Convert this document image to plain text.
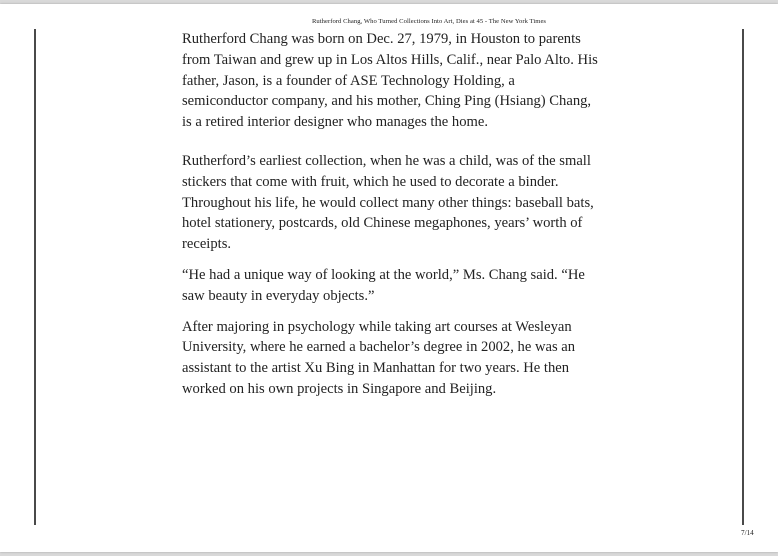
Rutherford Chang, Who Turned Collections Into Art, Dies at 45 - The New York Times

Rutherford Chang was born on Dec. 27, 1979, in Houston to parents from Taiwan and grew up in Los Altos Hills, Calif., near Palo Alto. His father, Jason, is a founder of ASE Technology Holding, a semiconductor company, and his mother, Ching Ping (Hsiang) Chang, is a retired interior designer who manages the home.

Rutherford’s earliest collection, when he was a child, was of the small stickers that come with fruit, which he used to decorate a binder. Throughout his life, he would collect many other things: baseball bats, hotel stationery, postcards, old Chinese megaphones, years’ worth of receipts.

“He had a unique way of looking at the world,” Ms. Chang said. “He saw beauty in everyday objects.”

After majoring in psychology while taking art courses at Wesleyan University, where he earned a bachelor’s degree in 2002, he was an assistant to the artist Xu Bing in Manhattan for two years. He then worked on his own projects in Singapore and Beijing.

7/14
